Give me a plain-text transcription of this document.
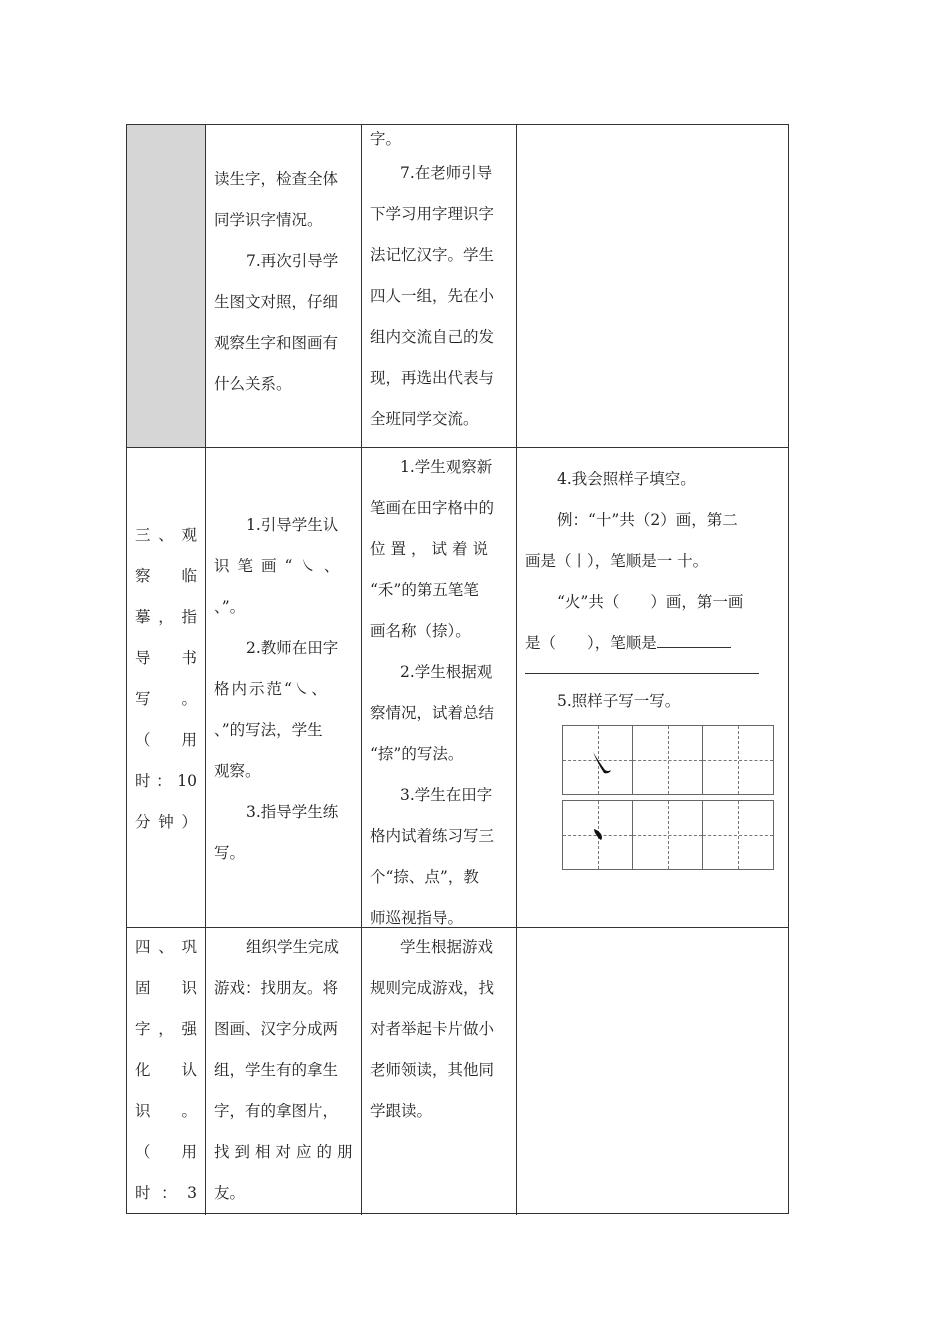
读生字，检查全体
同学识字情况。
7.再次引导学
生图文对照，仔细
观察生字和图画有
什么关系。
字。
7.在老师引导
下学习用字理识字
法记忆汉字。学生
四人一组，先在小
组内交流自己的发
现，再选出代表与
全班同学交流。
三 、 观
察 临
摹 ， 指
导 书
写 。
（ 用
时 ： 10
分 钟 ）
1.引导学生认
识笔画“㇏、
、”。
2.教师在田字
格内示范“㇏、
、”的写法，学生
观察。
3.指导学生练
写。
1.学生观察新
笔画在田字格中的
位置，试着说
“禾”的第五笔笔
画名称（捺）。
2.学生根据观
察情况，试着总结
“捺”的写法。
3.学生在田字
格内试着练习写三
个“捺、点”，教
师巡视指导。
4.我会照样子填空。
例：“十”共（2）画，第二
画是（丨），笔顺是一 十。
“火”共（　　）画，第一画
是（　　），笔顺是
5.照样子写一写。
四 、 巩
固 识
字 ， 强
化 认
识 。
（ 用
时 ： 3
组织学生完成
游戏：找朋友。将
图画、汉字分成两
组，学生有的拿生
字，有的拿图片，
找到相对应的朋
友。
学生根据游戏
规则完成游戏，找
对者举起卡片做小
老师领读，其他同
学跟读。
